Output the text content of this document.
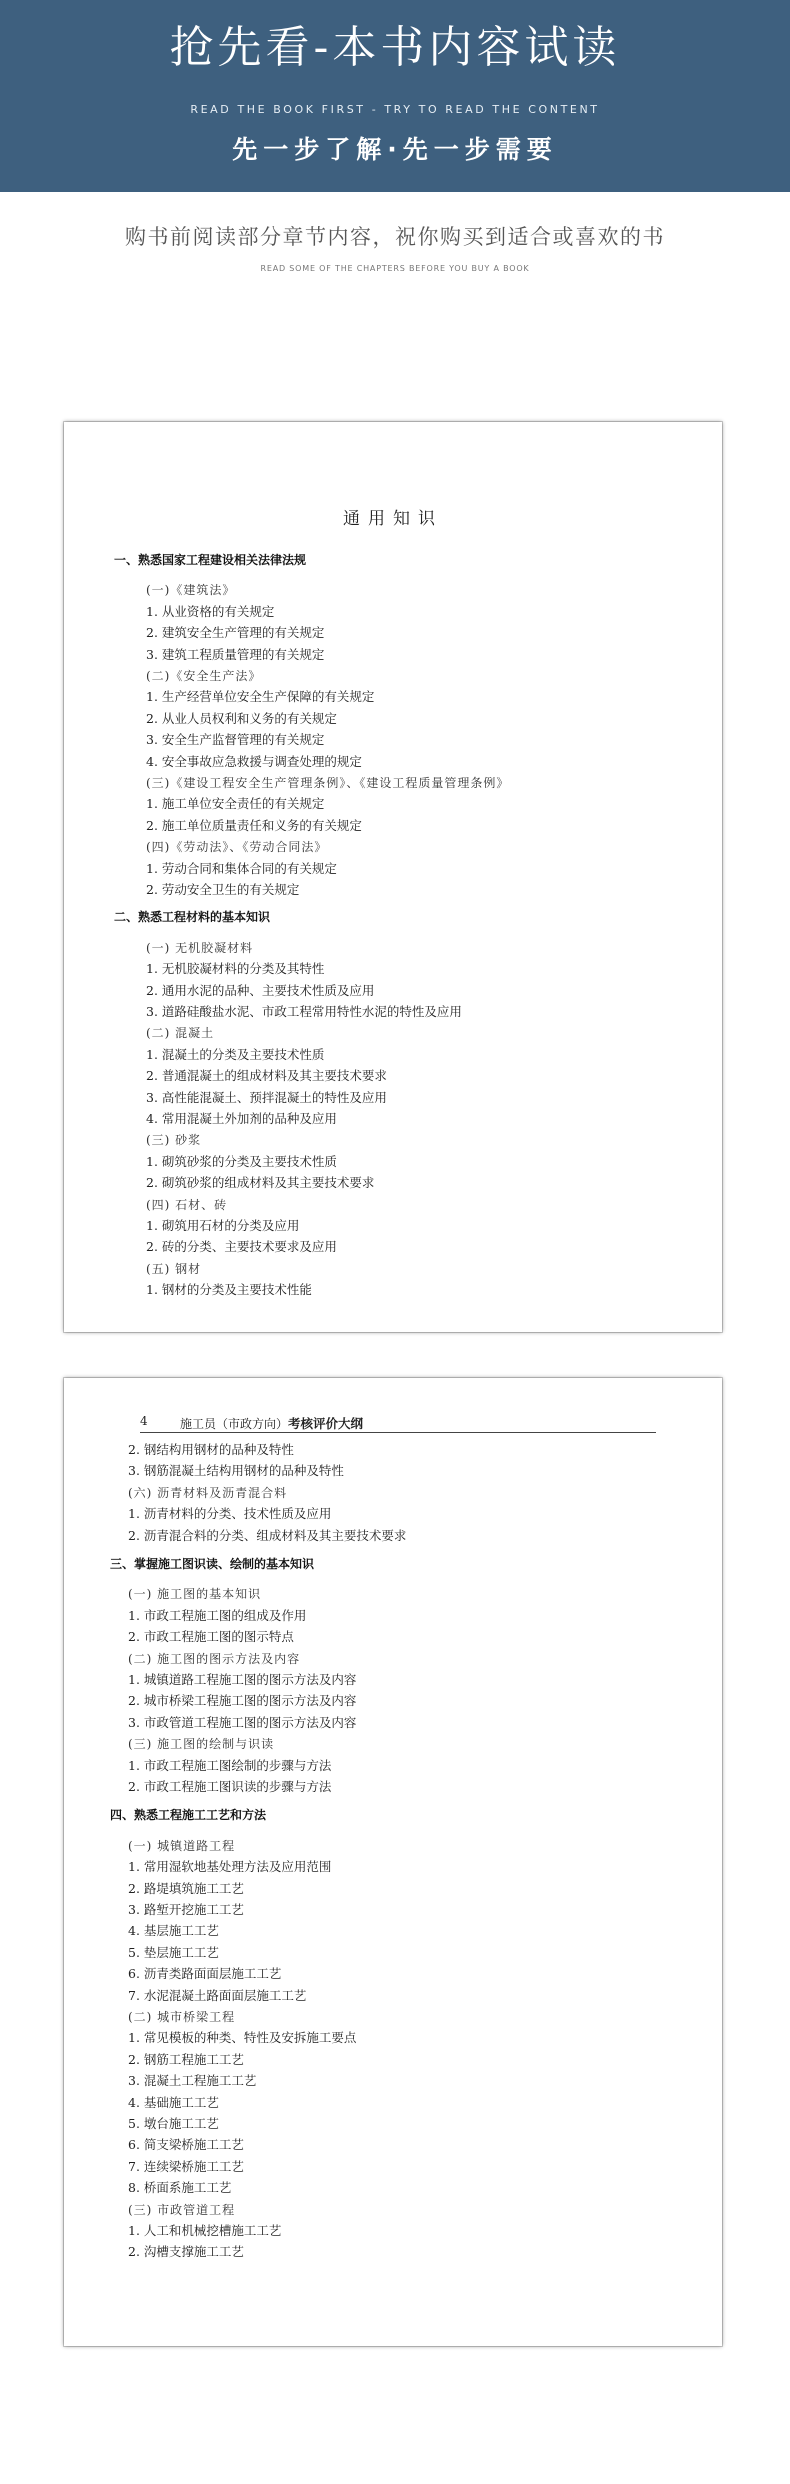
抢先看-本书内容试读
READ THE BOOK FIRST - TRY TO READ THE CONTENT
先一步了解·先一步需要
购书前阅读部分章节内容，祝你购买到适合或喜欢的书
READ SOME OF THE CHAPTERS BEFORE YOU BUY A BOOK
通用知识
一、熟悉国家工程建设相关法律法规
(一)《建筑法》
1. 从业资格的有关规定
2. 建筑安全生产管理的有关规定
3. 建筑工程质量管理的有关规定
(二)《安全生产法》
1. 生产经营单位安全生产保障的有关规定
2. 从业人员权利和义务的有关规定
3. 安全生产监督管理的有关规定
4. 安全事故应急救援与调查处理的规定
(三)《建设工程安全生产管理条例》、《建设工程质量管理条例》
1. 施工单位安全责任的有关规定
2. 施工单位质量责任和义务的有关规定
(四)《劳动法》、《劳动合同法》
1. 劳动合同和集体合同的有关规定
2. 劳动安全卫生的有关规定
二、熟悉工程材料的基本知识
(一) 无机胶凝材料
1. 无机胶凝材料的分类及其特性
2. 通用水泥的品种、主要技术性质及应用
3. 道路硅酸盐水泥、市政工程常用特性水泥的特性及应用
(二) 混凝土
1. 混凝土的分类及主要技术性质
2. 普通混凝土的组成材料及其主要技术要求
3. 高性能混凝土、预拌混凝土的特性及应用
4. 常用混凝土外加剂的品种及应用
(三) 砂浆
1. 砌筑砂浆的分类及主要技术性质
2. 砌筑砂浆的组成材料及其主要技术要求
(四) 石材、砖
1. 砌筑用石材的分类及应用
2. 砖的分类、主要技术要求及应用
(五) 钢材
1. 钢材的分类及主要技术性能
4	施工员（市政方向）考核评价大纲
2. 钢结构用钢材的品种及特性
3. 钢筋混凝土结构用钢材的品种及特性
(六) 沥青材料及沥青混合料
1. 沥青材料的分类、技术性质及应用
2. 沥青混合料的分类、组成材料及其主要技术要求
三、掌握施工图识读、绘制的基本知识
(一) 施工图的基本知识
1. 市政工程施工图的组成及作用
2. 市政工程施工图的图示特点
(二) 施工图的图示方法及内容
1. 城镇道路工程施工图的图示方法及内容
2. 城市桥梁工程施工图的图示方法及内容
3. 市政管道工程施工图的图示方法及内容
(三) 施工图的绘制与识读
1. 市政工程施工图绘制的步骤与方法
2. 市政工程施工图识读的步骤与方法
四、熟悉工程施工工艺和方法
(一) 城镇道路工程
1. 常用湿软地基处理方法及应用范围
2. 路堤填筑施工工艺
3. 路堑开挖施工工艺
4. 基层施工工艺
5. 垫层施工工艺
6. 沥青类路面面层施工工艺
7. 水泥混凝土路面面层施工工艺
(二) 城市桥梁工程
1. 常见模板的种类、特性及安拆施工要点
2. 钢筋工程施工工艺
3. 混凝土工程施工工艺
4. 基础施工工艺
5. 墩台施工工艺
6. 简支梁桥施工工艺
7. 连续梁桥施工工艺
8. 桥面系施工工艺
(三) 市政管道工程
1. 人工和机械挖槽施工工艺
2. 沟槽支撑施工工艺
